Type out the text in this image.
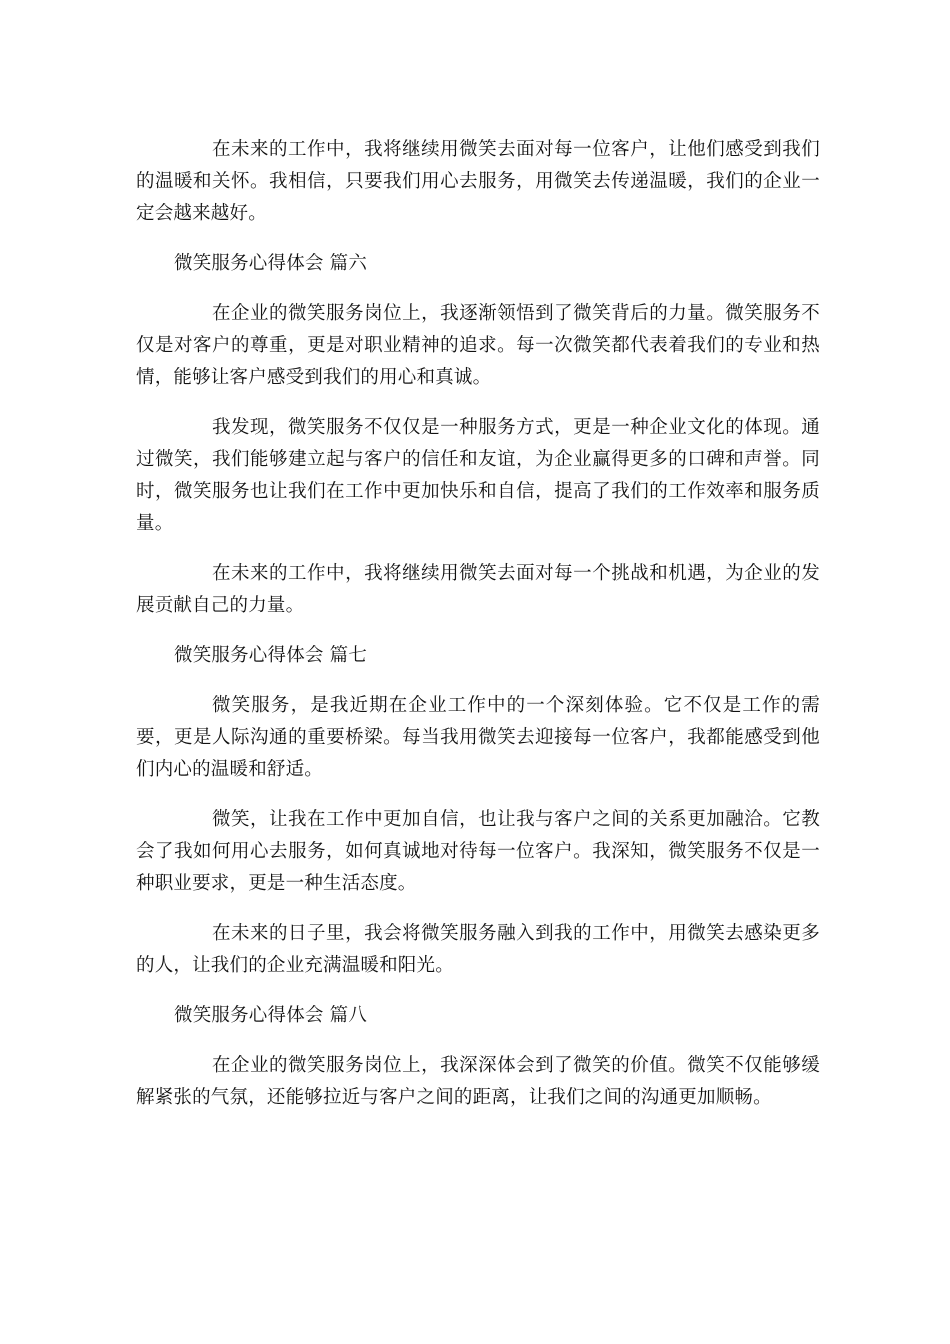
在未来的工作中，我将继续用微笑去面对每一位客户，让他们感受到我们的温暖和关怀。我相信，只要我们用心去服务，用微笑去传递温暖，我们的企业一定会越来越好。

微笑服务心得体会 篇六

在企业的微笑服务岗位上，我逐渐领悟到了微笑背后的力量。微笑服务不仅是对客户的尊重，更是对职业精神的追求。每一次微笑都代表着我们的专业和热情，能够让客户感受到我们的用心和真诚。

我发现，微笑服务不仅仅是一种服务方式，更是一种企业文化的体现。通过微笑，我们能够建立起与客户的信任和友谊，为企业赢得更多的口碑和声誉。同时，微笑服务也让我们在工作中更加快乐和自信，提高了我们的工作效率和服务质量。

在未来的工作中，我将继续用微笑去面对每一个挑战和机遇，为企业的发展贡献自己的力量。

微笑服务心得体会 篇七

微笑服务，是我近期在企业工作中的一个深刻体验。它不仅是工作的需要，更是人际沟通的重要桥梁。每当我用微笑去迎接每一位客户，我都能感受到他们内心的温暖和舒适。

微笑，让我在工作中更加自信，也让我与客户之间的关系更加融洽。它教会了我如何用心去服务，如何真诚地对待每一位客户。我深知，微笑服务不仅是一种职业要求，更是一种生活态度。

在未来的日子里，我会将微笑服务融入到我的工作中，用微笑去感染更多的人，让我们的企业充满温暖和阳光。

微笑服务心得体会 篇八

在企业的微笑服务岗位上，我深深体会到了微笑的价值。微笑不仅能够缓解紧张的气氛，还能够拉近与客户之间的距离，让我们之间的沟通更加顺畅。
